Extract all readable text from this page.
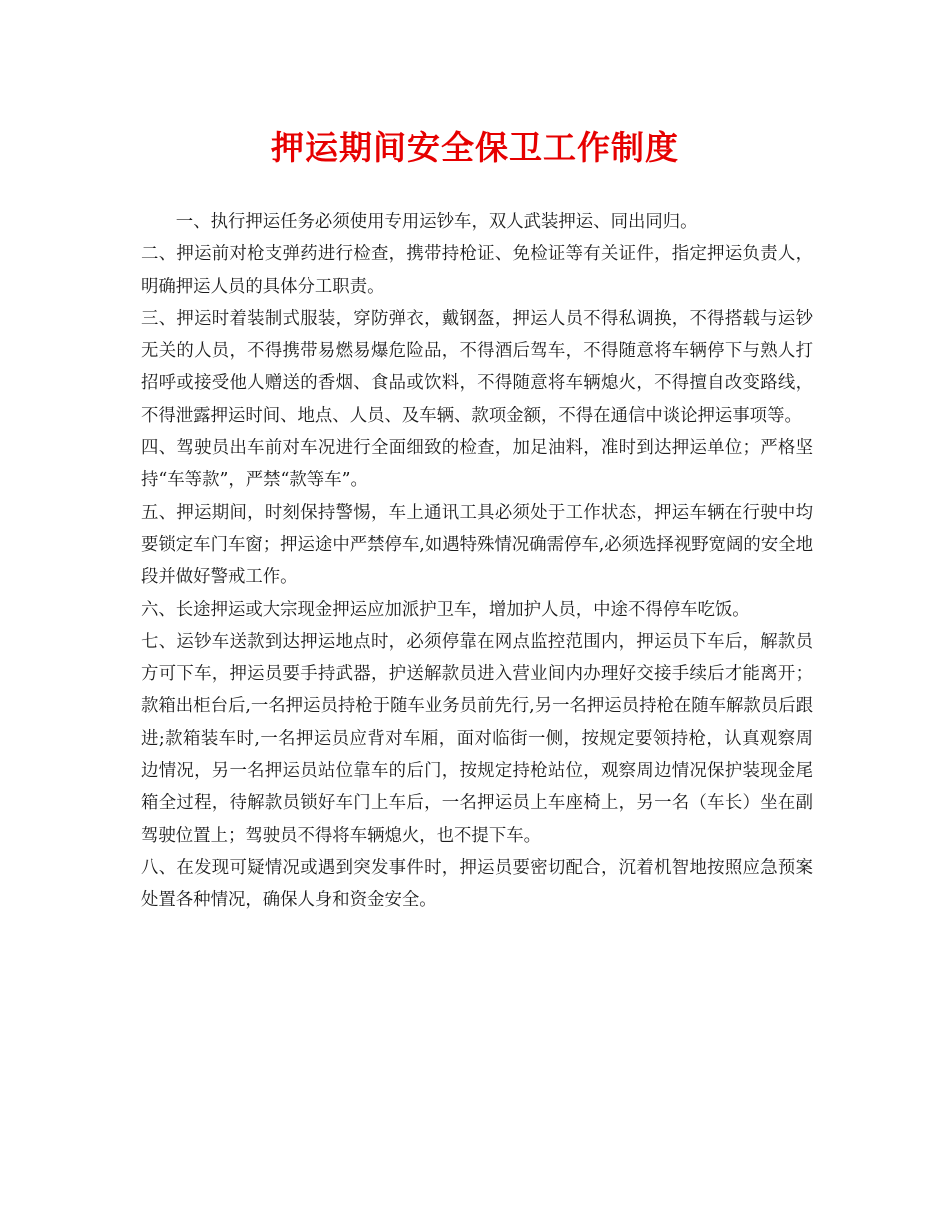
押运期间安全保卫工作制度

一、执行押运任务必须使用专用运钞车，双人武装押运、同出同归。

二、押运前对枪支弹药进行检查，携带持枪证、免检证等有关证件，指定押运负责人，明确押运人员的具体分工职责。

三、押运时着装制式服装，穿防弹衣，戴钢盔，押运人员不得私调换，不得搭载与运钞无关的人员，不得携带易燃易爆危险品，不得酒后驾车，不得随意将车辆停下与熟人打招呼或接受他人赠送的香烟、食品或饮料，不得随意将车辆熄火，不得擅自改变路线，不得泄露押运时间、地点、人员、及车辆、款项金额，不得在通信中谈论押运事项等。

四、驾驶员出车前对车况进行全面细致的检查，加足油料，准时到达押运单位；严格坚持“车等款”，严禁“款等车”。

五、押运期间，时刻保持警惕，车上通讯工具必须处于工作状态，押运车辆在行驶中均要锁定车门车窗；押运途中严禁停车,如遇特殊情况确需停车,必须选择视野宽阔的安全地段并做好警戒工作。

六、长途押运或大宗现金押运应加派护卫车，增加护人员，中途不得停车吃饭。

七、运钞车送款到达押运地点时，必须停靠在网点监控范围内，押运员下车后，解款员方可下车，押运员要手持武器，护送解款员进入营业间内办理好交接手续后才能离开；款箱出柜台后,一名押运员持枪于随车业务员前先行,另一名押运员持枪在随车解款员后跟进;款箱装车时,一名押运员应背对车厢，面对临街一侧，按规定要领持枪，认真观察周边情况，另一名押运员站位靠车的后门，按规定持枪站位，观察周边情况保护装现金尾箱全过程，待解款员锁好车门上车后，一名押运员上车座椅上，另一名（车长）坐在副驾驶位置上；驾驶员不得将车辆熄火，也不提下车。

八、在发现可疑情况或遇到突发事件时，押运员要密切配合，沉着机智地按照应急预案处置各种情况，确保人身和资金安全。
